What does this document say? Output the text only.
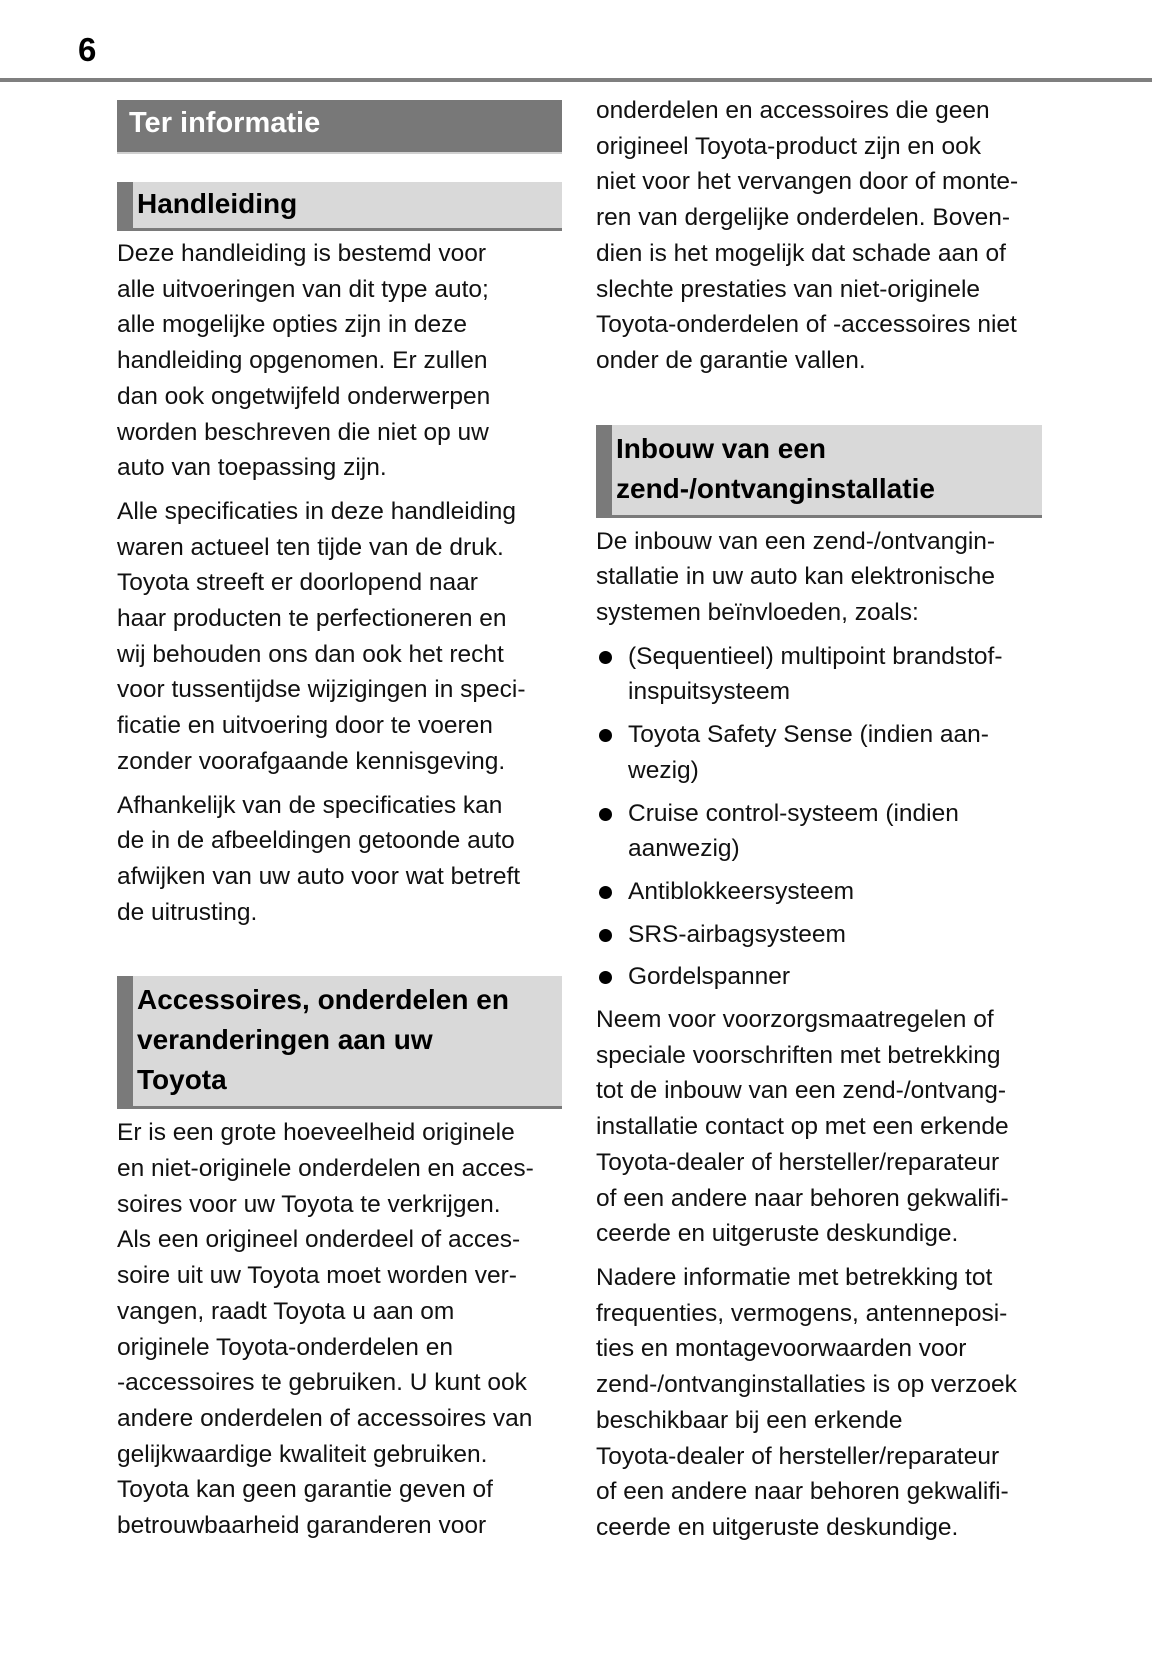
6
Ter informatie
Handleiding
Deze handleiding is bestemd voor
alle uitvoeringen van dit type auto;
alle mogelijke opties zijn in deze
handleiding opgenomen. Er zullen
dan ook ongetwijfeld onderwerpen
worden beschreven die niet op uw
auto van toepassing zijn.
Alle specificaties in deze handleiding
waren actueel ten tijde van de druk.
Toyota streeft er doorlopend naar
haar producten te perfectioneren en
wij behouden ons dan ook het recht
voor tussentijdse wijzigingen in speci-
ficatie en uitvoering door te voeren
zonder voorafgaande kennisgeving.
Afhankelijk van de specificaties kan
de in de afbeeldingen getoonde auto
afwijken van uw auto voor wat betreft
de uitrusting.
Accessoires, onderdelen en
veranderingen aan uw
Toyota
Er is een grote hoeveelheid originele
en niet-originele onderdelen en acces-
soires voor uw Toyota te verkrijgen.
Als een origineel onderdeel of acces-
soire uit uw Toyota moet worden ver-
vangen, raadt Toyota u aan om
originele Toyota-onderdelen en
-accessoires te gebruiken. U kunt ook
andere onderdelen of accessoires van
gelijkwaardige kwaliteit gebruiken.
Toyota kan geen garantie geven of
betrouwbaarheid garanderen voor
onderdelen en accessoires die geen
origineel Toyota-product zijn en ook
niet voor het vervangen door of monte-
ren van dergelijke onderdelen. Boven-
dien is het mogelijk dat schade aan of
slechte prestaties van niet-originele
Toyota-onderdelen of -accessoires niet
onder de garantie vallen.
Inbouw van een
zend-/ontvanginstallatie
De inbouw van een zend-/ontvangin-
stallatie in uw auto kan elektronische
systemen beïnvloeden, zoals:
(Sequentieel) multipoint brandstof-
inspuitsysteem
Toyota Safety Sense (indien aan-
wezig)
Cruise control-systeem (indien
aanwezig)
Antiblokkeersysteem
SRS-airbagsysteem
Gordelspanner
Neem voor voorzorgsmaatregelen of
speciale voorschriften met betrekking
tot de inbouw van een zend-/ontvang-
installatie contact op met een erkende
Toyota-dealer of hersteller/reparateur
of een andere naar behoren gekwalifi-
ceerde en uitgeruste deskundige.
Nadere informatie met betrekking tot
frequenties, vermogens, antenneposi-
ties en montagevoorwaarden voor
zend-/ontvanginstallaties is op verzoek
beschikbaar bij een erkende
Toyota-dealer of hersteller/reparateur
of een andere naar behoren gekwalifi-
ceerde en uitgeruste deskundige.
